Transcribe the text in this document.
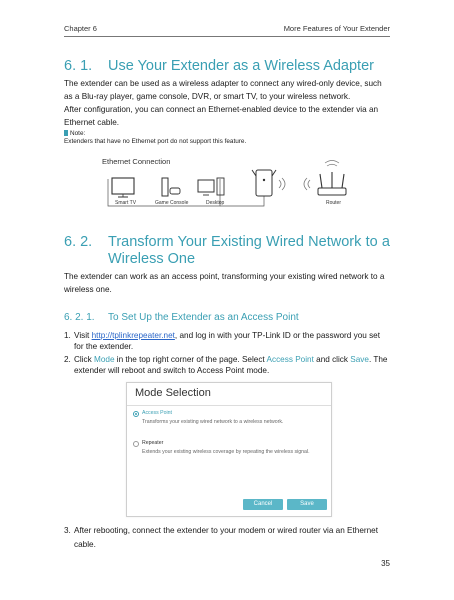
Chapter 6	More Features of Your Extender
6. 1. Use Your Extender as a Wireless Adapter
The extender can be used as a wireless adapter to connect any wired-only device, such as a Blu-ray player, game console, DVR, or smart TV, to your wireless network.
After configuration, you can connect an Ethernet-enabled device to the extender via an Ethernet cable.
Note:
Extenders that have no Ethernet port do not support this feature.
Ethernet Connection
Smart TV	Game Console	Desktop	Router
6. 2. Transform Your Existing Wired Network to a Wireless One
The extender can work as an access point, transforming your existing wired network to a wireless one.
6. 2. 1. To Set Up the Extender as an Access Point
1. Visit http://tplinkrepeater.net, and log in with your TP-Link ID or the password you set for the extender.
2. Click Mode in the top right corner of the page. Select Access Point and click Save. The extender will reboot and switch to Access Point mode.
Mode Selection
Access Point
Transforms your existing wired network to a wireless network.
Repeater
Extends your existing wireless coverage by repeating the wireless signal.
Cancel	Save
3. After rebooting, connect the extender to your modem or wired router via an Ethernet cable.
35
